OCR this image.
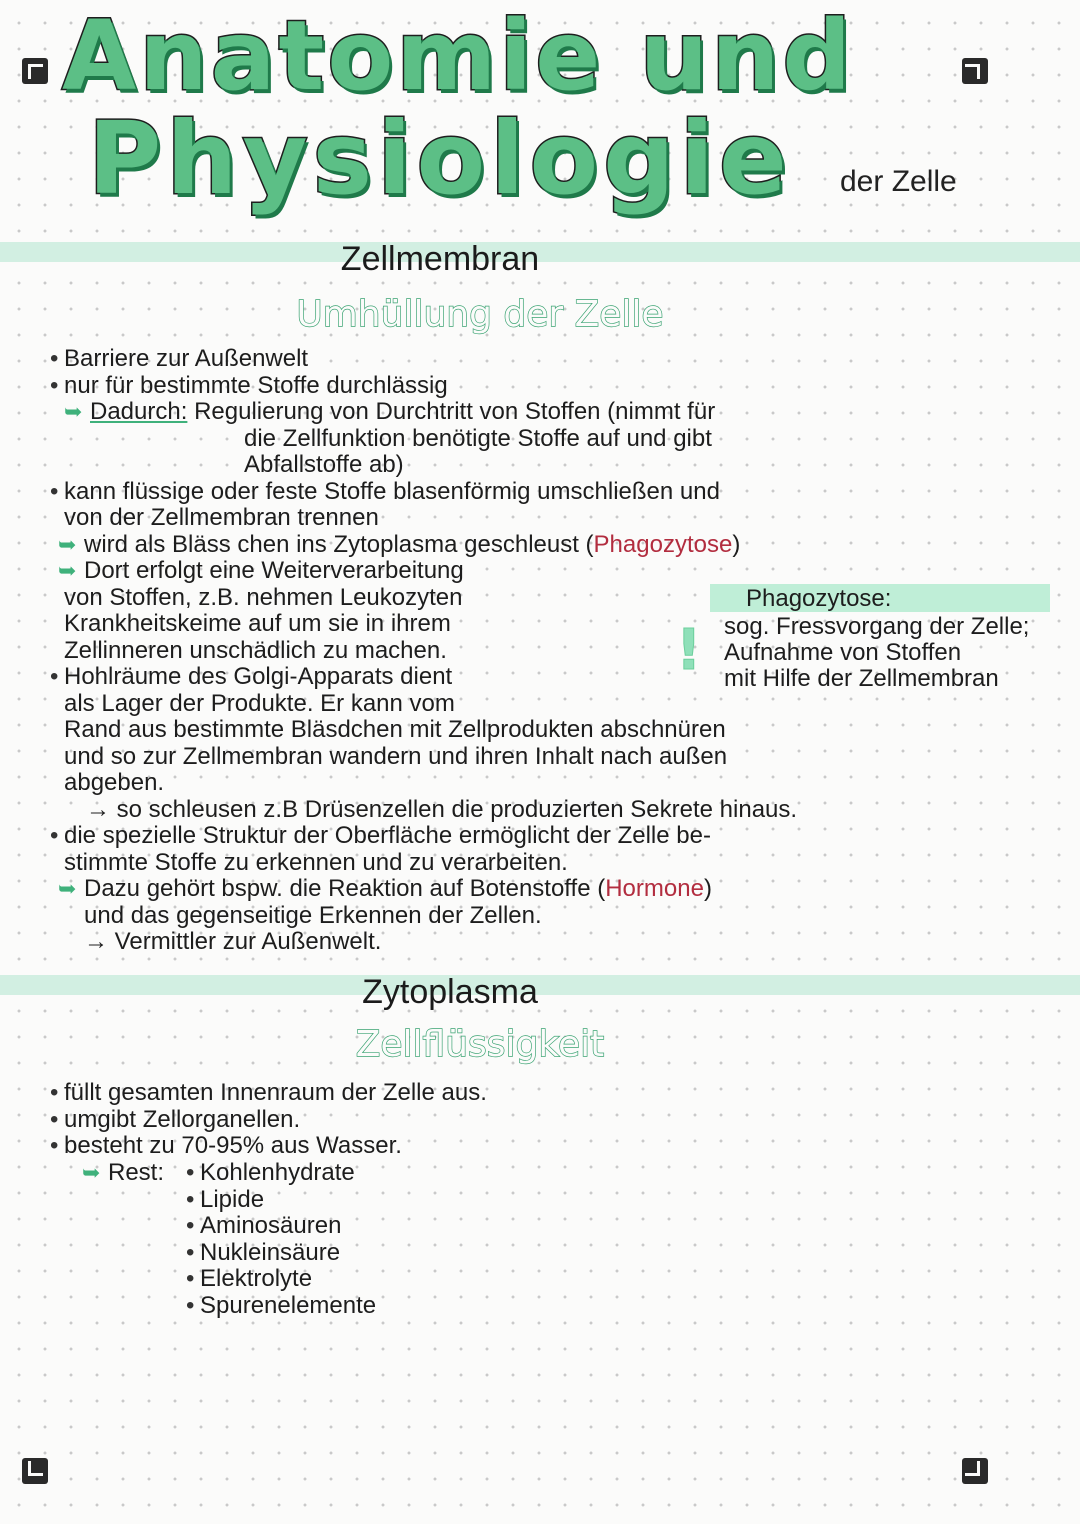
Anatomie und
Physiologie der Zelle
Zellmembran
Umhüllung der Zelle
• Barriere zur Außenwelt
• nur für bestimmte Stoffe durchlässig
➥ Dadurch: Regulierung von Durchtritt von Stoffen (nimmt für
die Zellfunktion benötigte Stoffe auf und gibt
Abfallstoffe ab)
• kann flüssige oder feste Stoffe blasenförmig umschließen und
von der Zellmembran trennen
➥ wird als Bläss chen ins Zytoplasma geschleust (Phagozytose)
➥ Dort erfolgt eine Weiterverarbeitung
von Stoffen, z.B. nehmen Leukozyten
Krankheitskeime auf um sie in ihrem
Zellinneren unschädlich zu machen.
• Hohlräume des Golgi-Apparats dient
als Lager der Produkte. Er kann vom
Rand aus bestimmte Bläsdchen mit Zellprodukten abschnüren
und so zur Zellmembran wandern und ihren Inhalt nach außen
abgeben.
→ so schleusen z.B Drüsenzellen die produzierten Sekrete hinaus.
• die spezielle Struktur der Oberfläche ermöglicht der Zelle be-
stimmte Stoffe zu erkennen und zu verarbeiten.
➥ Dazu gehört bspw. die Reaktion auf Botenstoffe (Hormone)
und das gegenseitige Erkennen der Zellen.
→ Vermittler zur Außenwelt.
!
Phagozytose:
sog. Fressvorgang der Zelle;
Aufnahme von Stoffen
mit Hilfe der Zellmembran
Zytoplasma
Zellflüssigkeit
• füllt gesamten Innenraum der Zelle aus.
• umgibt Zellorganellen.
• besteht zu 70-95% aus Wasser.
➥ Rest:
• Kohlenhydrate
• Lipide
• Aminosäuren
• Nukleinsäure
• Elektrolyte
• Spurenelemente
